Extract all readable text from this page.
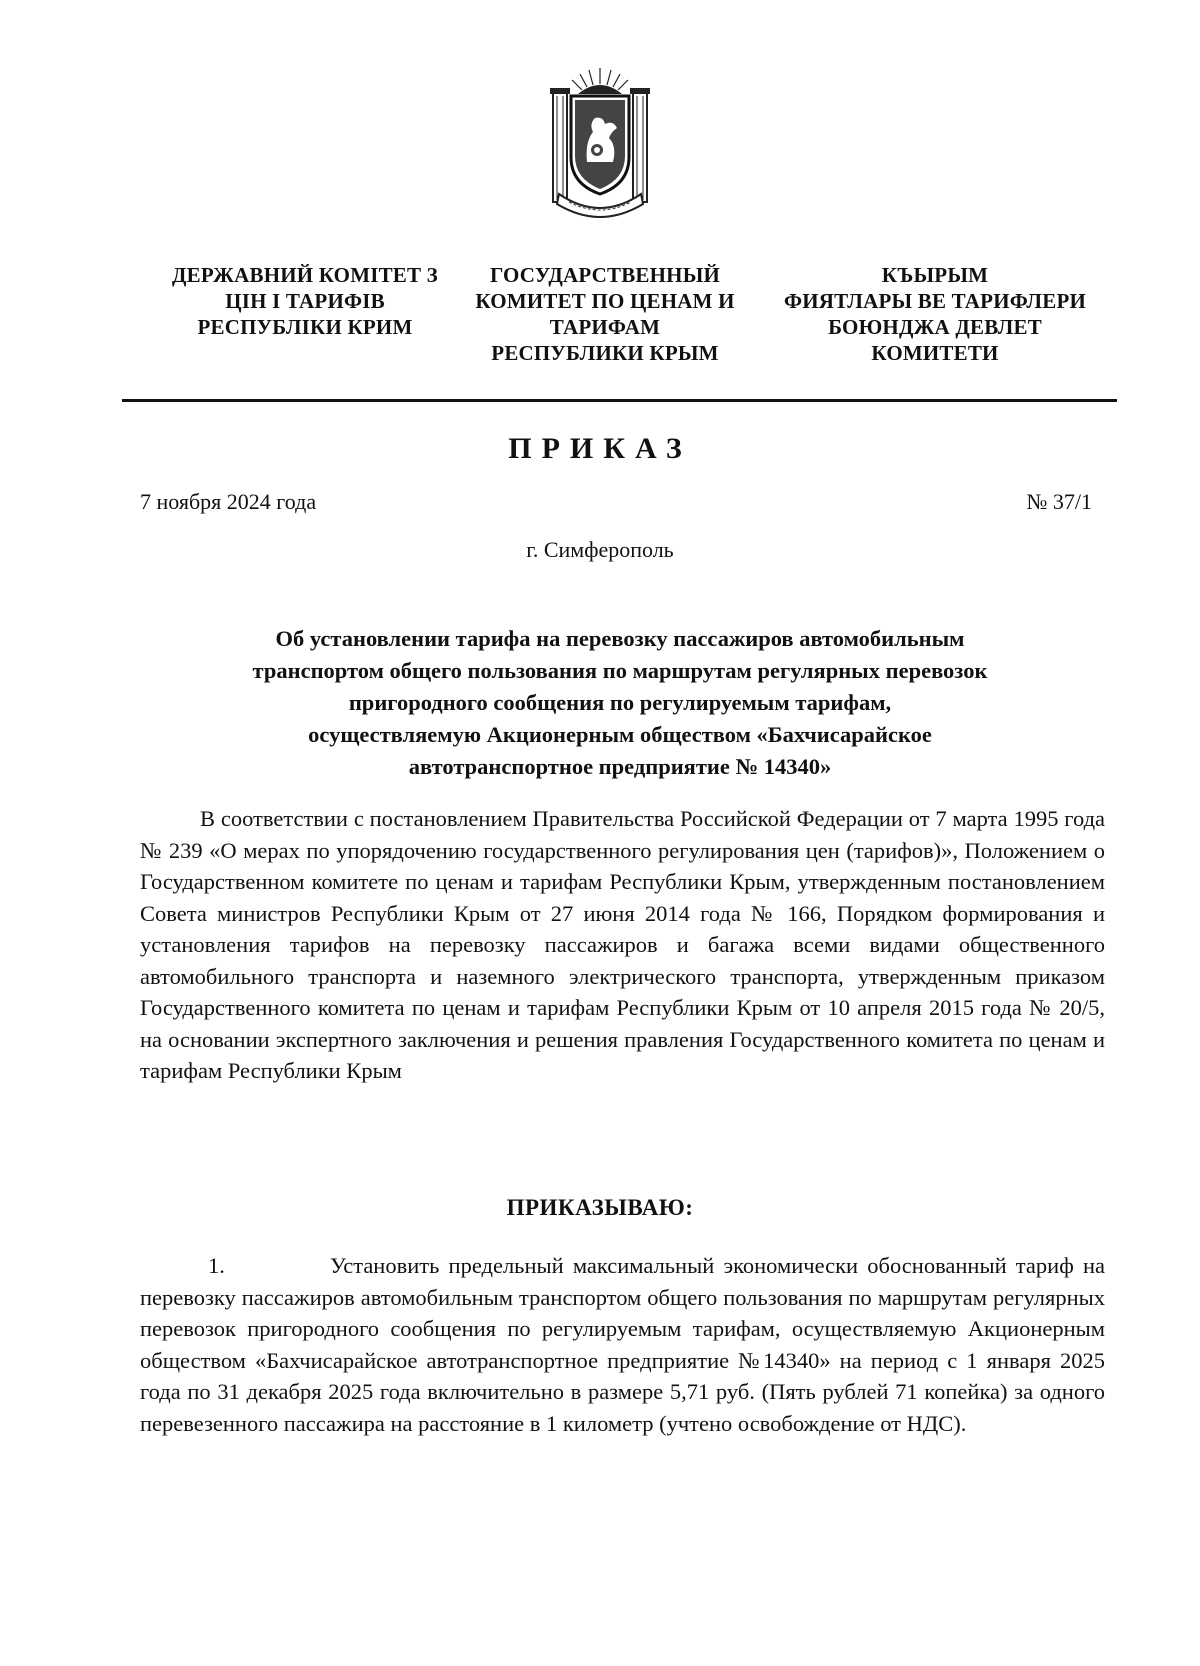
ДЕРЖАВНИЙ КОМІТЕТ З
ЦІН І ТАРИФІВ
РЕСПУБЛІКИ КРИМ
ГОСУДАРСТВЕННЫЙ
КОМИТЕТ ПО ЦЕНАМ И
ТАРИФАМ
РЕСПУБЛИКИ КРЫМ
КЪЫРЫМ
ФИЯТЛАРЫ ВЕ ТАРИФЛЕРИ
БОЮНДЖА ДЕВЛЕТ
КОМИТЕТИ
ПРИКАЗ
7 ноября 2024 года	№ 37/1
г. Симферополь
Об установлении тарифа на перевозку пассажиров автомобильным
транспортом общего пользования по маршрутам регулярных перевозок
пригородного сообщения по регулируемым тарифам,
осуществляемую Акционерным обществом «Бахчисарайское
автотранспортное предприятие № 14340»
В соответствии с постановлением Правительства Российской Федерации от 7 марта 1995 года № 239 «О мерах по упорядочению государственного регулирования цен (тарифов)», Положением о Государственном комитете по ценам и тарифам Республики Крым, утвержденным постановлением Совета министров Республики Крым от 27 июня 2014 года № 166, Порядком формирования и установления тарифов на перевозку пассажиров и багажа всеми видами общественного автомобильного транспорта и наземного электрического транспорта, утвержденным приказом Государственного комитета по ценам и тарифам Республики Крым от 10 апреля 2015 года № 20/5, на основании экспертного заключения и решения правления Государственного комитета по ценам и тарифам Республики Крым
ПРИКАЗЫВАЮ:
1.	Установить предельный максимальный экономически обоснованный тариф на перевозку пассажиров автомобильным транспортом общего пользования по маршрутам регулярных перевозок пригородного сообщения по регулируемым тарифам, осуществляемую Акционерным обществом «Бахчисарайское автотранспортное предприятие №14340» на период с 1 января 2025 года по 31 декабря 2025 года включительно в размере 5,71 руб. (Пять рублей 71 копейка) за одного перевезенного пассажира на расстояние в 1 километр (учтено освобождение от НДС).
